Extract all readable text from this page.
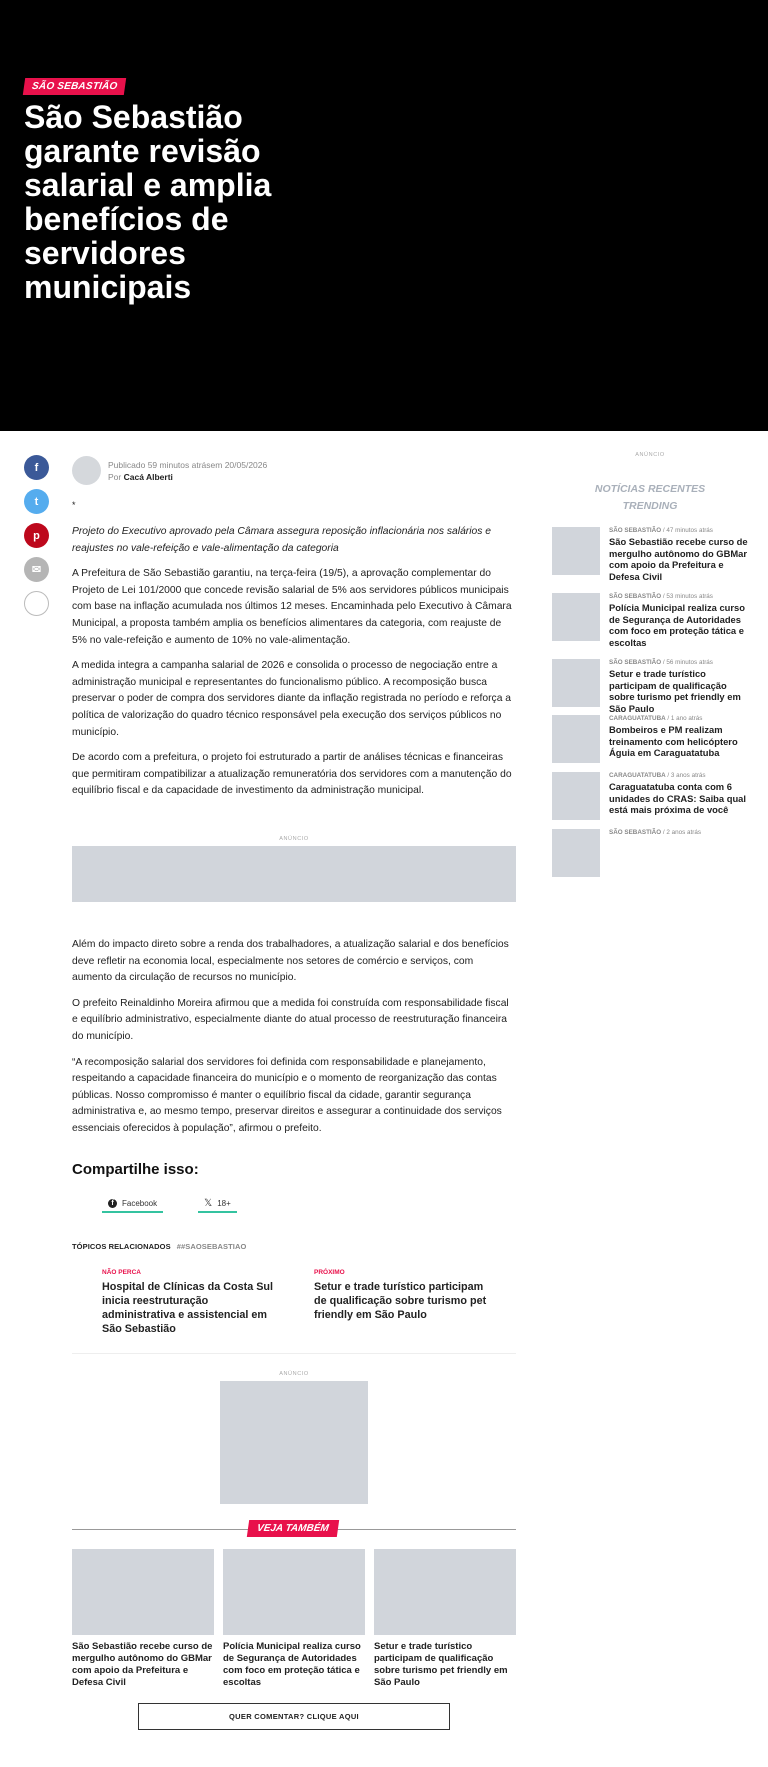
SÃO SEBASTIÃO
São Sebastião garante revisão salarial e amplia benefícios de servidores municipais
f
t
p
✉
Publicado 59 minutos atrásem 20/05/2026
Por Cacá Alberti
*

Projeto do Executivo aprovado pela Câmara assegura reposição inflacionária nos salários e reajustes no vale-refeição e vale-alimentação da categoria

A Prefeitura de São Sebastião garantiu, na terça-feira (19/5), a aprovação complementar do Projeto de Lei 101/2000 que concede revisão salarial de 5% aos servidores públicos municipais com base na inflação acumulada nos últimos 12 meses. Encaminhada pelo Executivo à Câmara Municipal, a proposta também amplia os benefícios alimentares da categoria, com reajuste de 5% no vale-refeição e aumento de 10% no vale-alimentação.

A medida integra a campanha salarial de 2026 e consolida o processo de negociação entre a administração municipal e representantes do funcionalismo público. A recomposição busca preservar o poder de compra dos servidores diante da inflação registrada no período e reforça a política de valorização do quadro técnico responsável pela execução dos serviços públicos no município.

De acordo com a prefeitura, o projeto foi estruturado a partir de análises técnicas e financeiras que permitiram compatibilizar a atualização remuneratória dos servidores com a manutenção do equilíbrio fiscal e da capacidade de investimento da administração municipal.

ANÚNCIO

Além do impacto direto sobre a renda dos trabalhadores, a atualização salarial e dos benefícios deve refletir na economia local, especialmente nos setores de comércio e serviços, com aumento da circulação de recursos no município.

O prefeito Reinaldinho Moreira afirmou que a medida foi construída com responsabilidade fiscal e equilíbrio administrativo, especialmente diante do atual processo de reestruturação financeira do município.

“A recomposição salarial dos servidores foi definida com responsabilidade e planejamento, respeitando a capacidade financeira do município e o momento de reorganização das contas públicas. Nosso compromisso é manter o equilíbrio fiscal da cidade, garantir segurança administrativa e, ao mesmo tempo, preservar direitos e assegurar a continuidade dos serviços essenciais oferecidos à população”, afirmou o prefeito.

Compartilhe isso:
f	Facebook	𝕏 18+
TÓPICOS RELACIONADOS ##SAOSEBASTIAO
NÃO PERCA
Hospital de Clínicas da Costa Sul inicia reestruturação administrativa e assistencial em São Sebastião
PRÓXIMO
Setur e trade turístico participam de qualificação sobre turismo pet friendly em São Paulo
ANÚNCIO
VEJA TAMBÉM
São Sebastião recebe curso de mergulho autônomo do GBMar com apoio da Prefeitura e Defesa Civil
Polícia Municipal realiza curso de Segurança de Autoridades com foco em proteção tática e escoltas
Setur e trade turístico participam de qualificação sobre turismo pet friendly em São Paulo
QUER COMENTAR? CLIQUE AQUI
ANÚNCIO
NOTÍCIAS RECENTES
TRENDING
SÃO SEBASTIÃO / 47 minutos atrás
São Sebastião recebe curso de mergulho autônomo do GBMar com apoio da Prefeitura e Defesa Civil
SÃO SEBASTIÃO / 53 minutos atrás
Polícia Municipal realiza curso de Segurança de Autoridades com foco em proteção tática e escoltas
SÃO SEBASTIÃO / 56 minutos atrás
Setur e trade turístico participam de qualificação sobre turismo pet friendly em São Paulo
CARAGUATATUBA / 1 ano atrás
Bombeiros e PM realizam treinamento com helicóptero Águia em Caraguatatuba
CARAGUATATUBA / 3 anos atrás
Caraguatatuba conta com 6 unidades do CRAS: Saiba qual está mais próxima de você
SÃO SEBASTIÃO / 2 anos atrás
